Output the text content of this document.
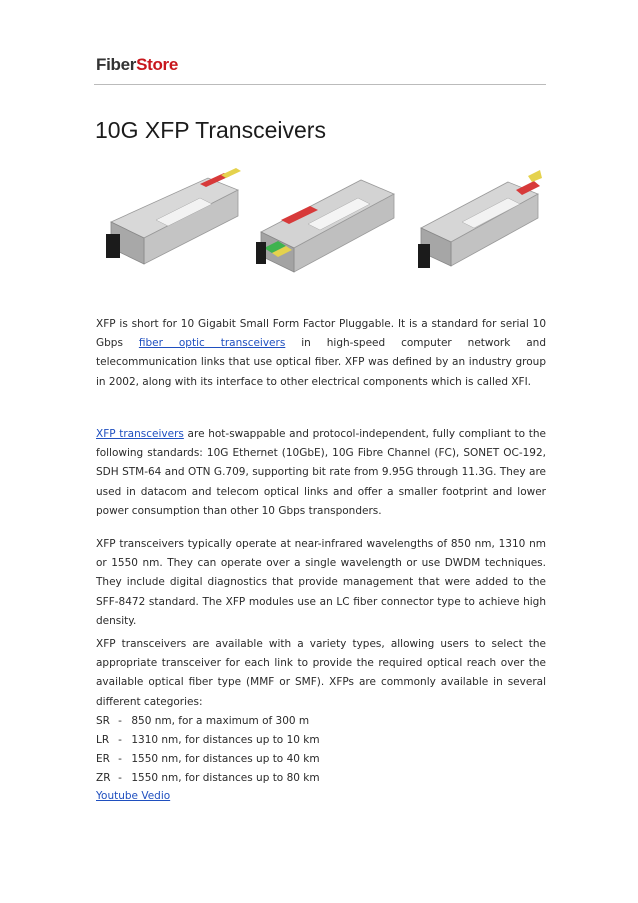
FiberStore
10G XFP Transceivers

XFP is short for 10 Gigabit Small Form Factor Pluggable. It is a standard for serial 10 Gbps fiber optic transceivers in high-speed computer network and telecommunication links that use optical fiber. XFP was defined by an industry group in 2002, along with its interface to other electrical components which is called XFI.

XFP transceivers are hot-swappable and protocol-independent, fully compliant to the following standards: 10G Ethernet (10GbE), 10G Fibre Channel (FC), SONET OC-192, SDH STM-64 and OTN G.709, supporting bit rate from 9.95G through 11.3G. They are used in datacom and telecom optical links and offer a smaller footprint and lower power consumption than other 10 Gbps transponders.

XFP transceivers typically operate at near-infrared wavelengths of 850 nm, 1310 nm or 1550 nm. They can operate over a single wavelength or use DWDM techniques. They include digital diagnostics that provide management that were added to the SFF-8472 standard. The XFP modules use an LC fiber connector type to achieve high density.

XFP transceivers are available with a variety types, allowing users to select the appropriate transceiver for each link to provide the required optical reach over the available optical fiber type (MMF or SMF). XFPs are commonly available in several different categories:
SR - 850 nm, for a maximum of 300 m
LR - 1310 nm, for distances up to 10 km
ER - 1550 nm, for distances up to 40 km
ZR - 1550 nm, for distances up to 80 km
Youtube Vedio
